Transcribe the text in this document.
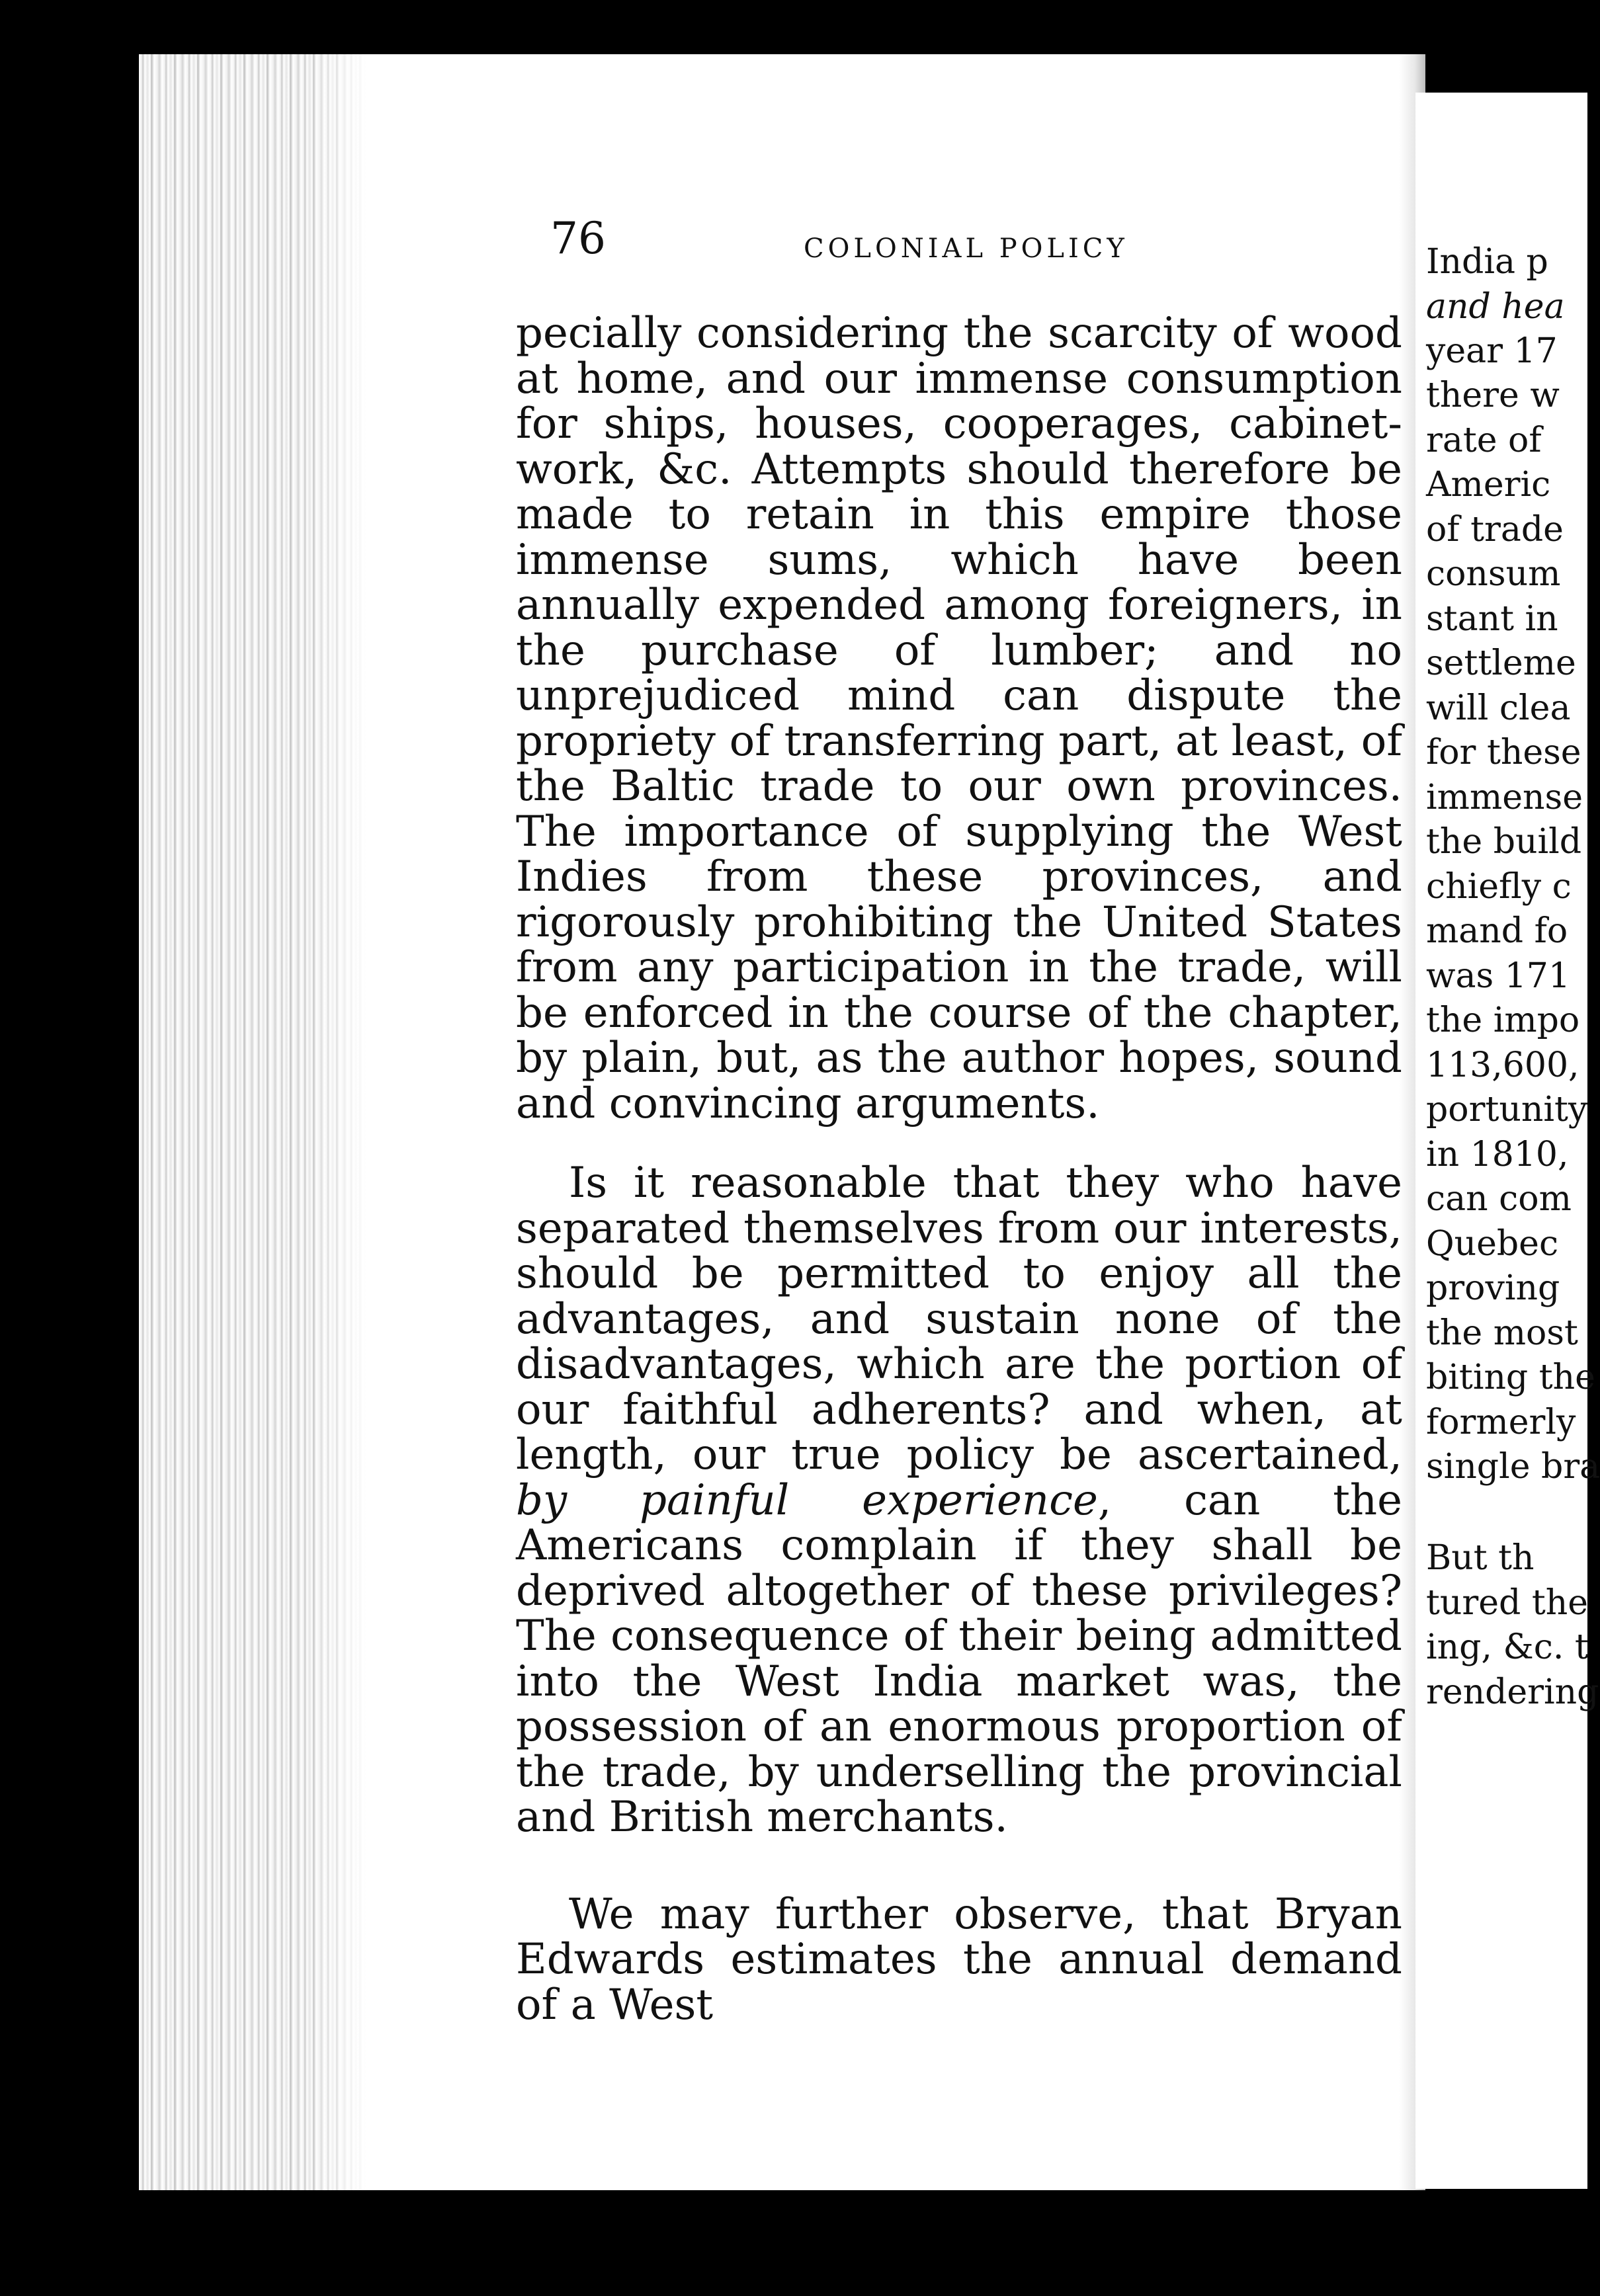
India p
and hea
year 17
there w
rate of
Americ
of trade
consum
stant in
settleme
will clea
for these
immense
the build
chiefly c
mand fo
was 171
the impo
113,600,
portunity
in 1810,
can com
Quebec
proving
the most
biting the
formerly
single bra
But th
tured the
ing, &c. t
rendering
76	COLONIAL POLICY

pecially considering the scarcity of wood at home, and our immense consumption for ships, houses, cooperages, cabinet-work, &c. Attempts should therefore be made to retain in this empire those immense sums, which have been annually expended among foreigners, in the purchase of lumber; and no unprejudiced mind can dispute the propriety of transferring part, at least, of the Baltic trade to our own provinces. The importance of supplying the West Indies from these provinces, and rigorously prohibiting the United States from any participation in the trade, will be enforced in the course of the chapter, by plain, but, as the author hopes, sound and convincing arguments.

Is it reasonable that they who have separated themselves from our interests, should be permitted to enjoy all the advantages, and sustain none of the disadvantages, which are the portion of our faithful adherents? and when, at length, our true policy be ascertained, by painful experience, can the Americans complain if they shall be deprived altogether of these privileges? The consequence of their being admitted into the West India market was, the possession of an enormous proportion of the trade, by underselling the provincial and British merchants.

We may further observe, that Bryan Edwards estimates the annual demand of a West
